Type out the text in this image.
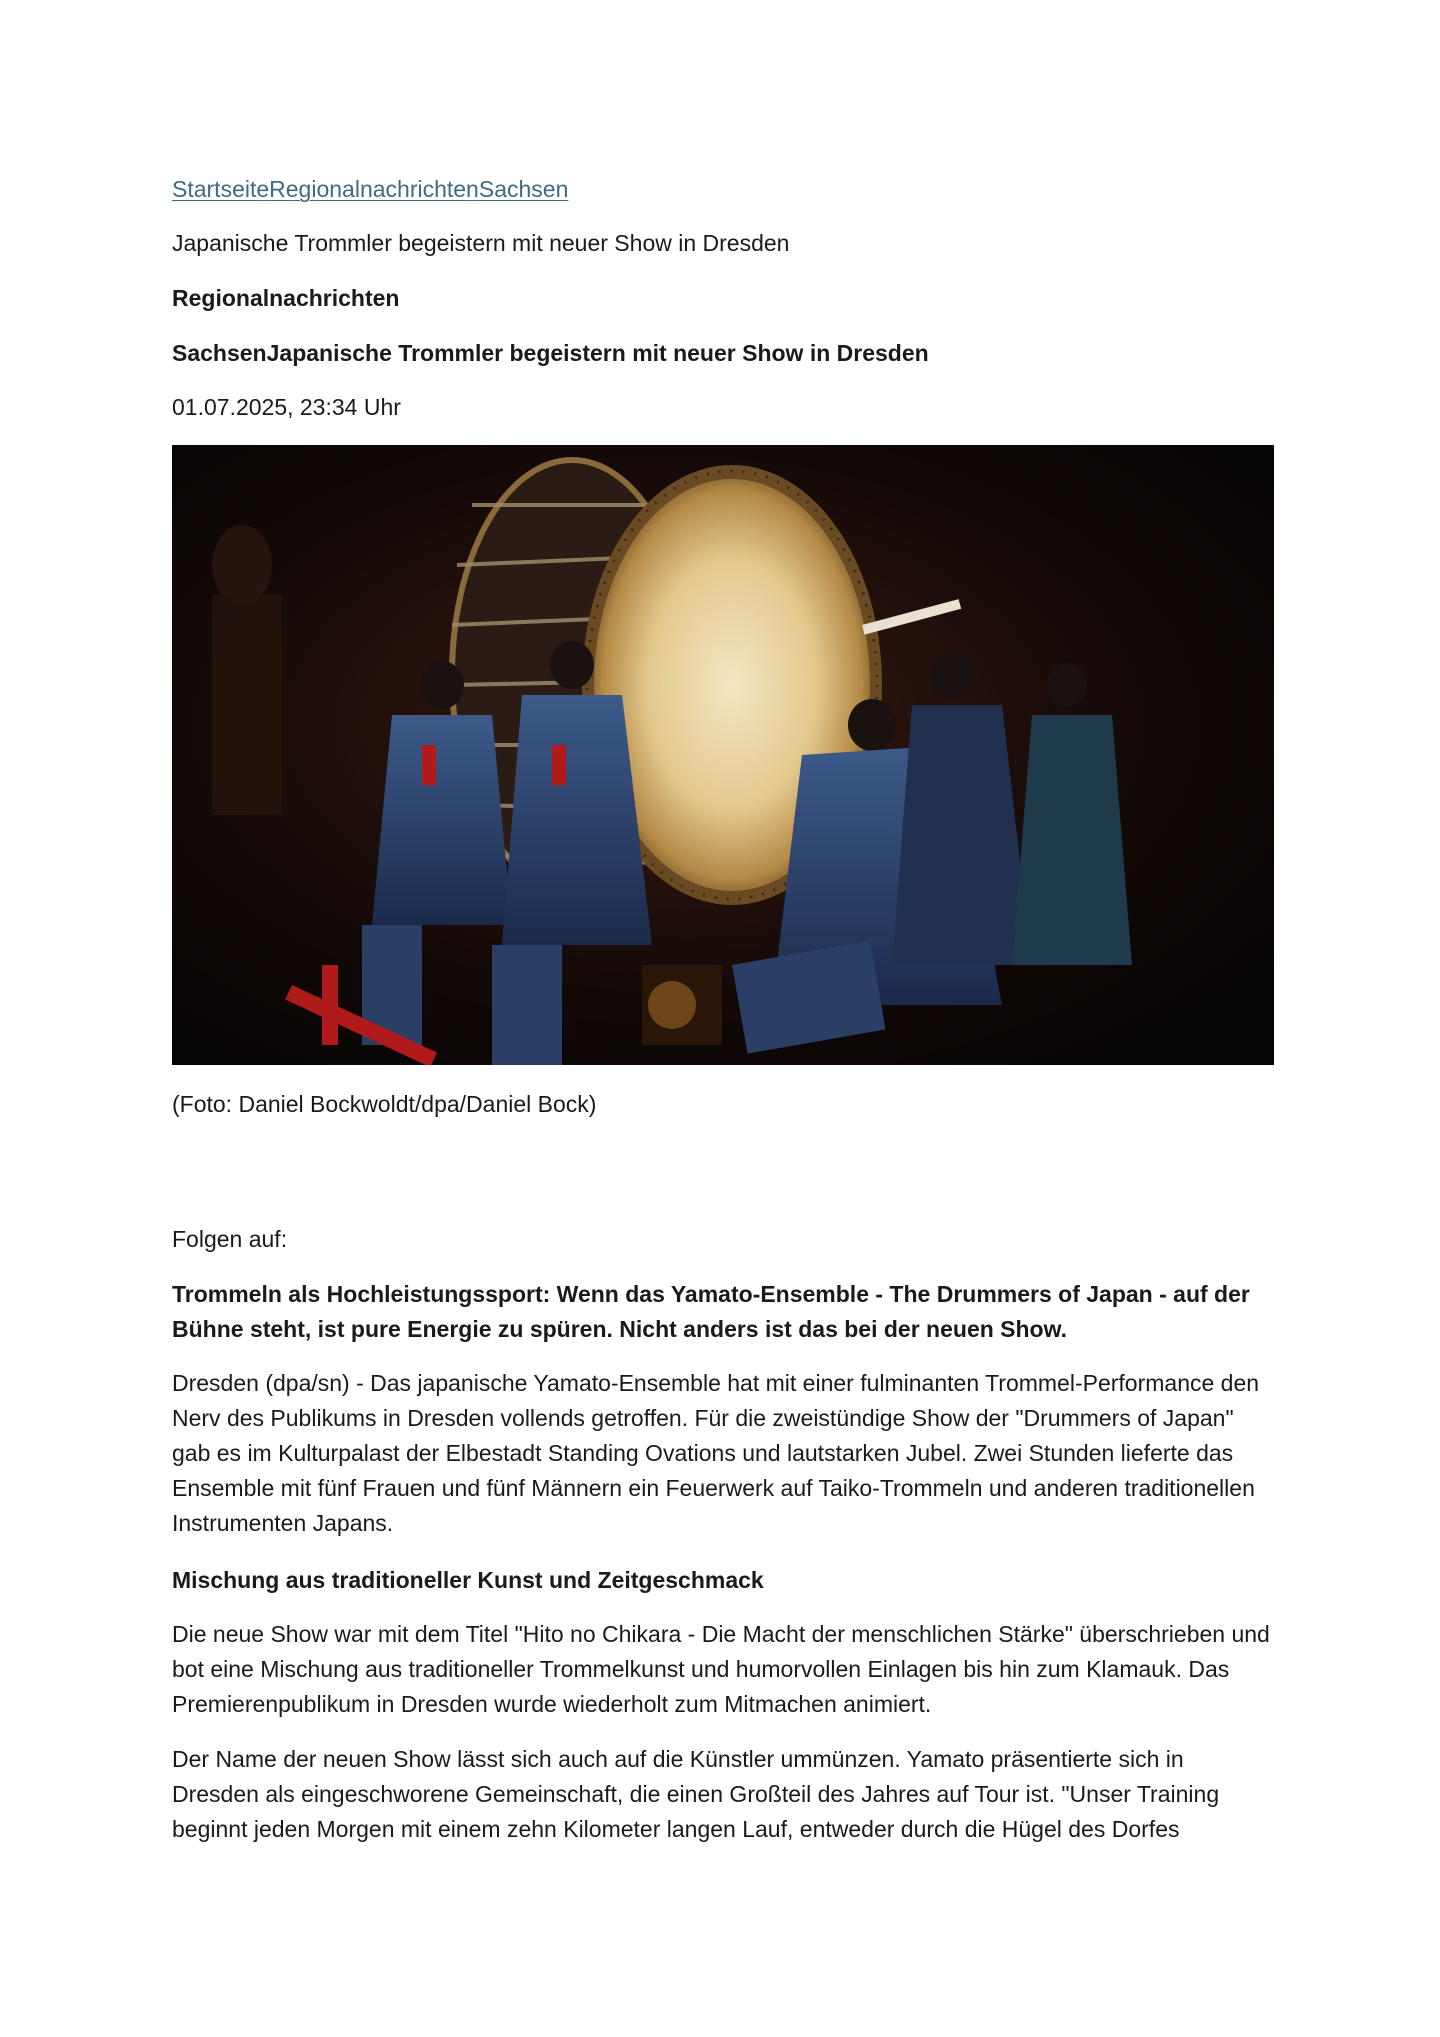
StartseiteRegionalnachrichtenSachsen

Japanische Trommler begeistern mit neuer Show in Dresden

Regionalnachrichten

SachsenJapanische Trommler begeistern mit neuer Show in Dresden

01.07.2025, 23:34 Uhr

(Foto: Daniel Bockwoldt/dpa/Daniel Bock)

Folgen auf:

Trommeln als Hochleistungssport: Wenn das Yamato-Ensemble - The Drummers of Japan - auf der Bühne steht, ist pure Energie zu spüren. Nicht anders ist das bei der neuen Show.

Dresden (dpa/sn) - Das japanische Yamato-Ensemble hat mit einer fulminanten Trommel-Performance den Nerv des Publikums in Dresden vollends getroffen. Für die zweistündige Show der "Drummers of Japan" gab es im Kulturpalast der Elbestadt Standing Ovations und lautstarken Jubel. Zwei Stunden lieferte das Ensemble mit fünf Frauen und fünf Männern ein Feuerwerk auf Taiko-Trommeln und anderen traditionellen Instrumenten Japans.

Mischung aus traditioneller Kunst und Zeitgeschmack

Die neue Show war mit dem Titel "Hito no Chikara - Die Macht der menschlichen Stärke" überschrieben und bot eine Mischung aus traditioneller Trommelkunst und humorvollen Einlagen bis hin zum Klamauk. Das Premierenpublikum in Dresden wurde wiederholt zum Mitmachen animiert.

Der Name der neuen Show lässt sich auch auf die Künstler ummünzen. Yamato präsentierte sich in Dresden als eingeschworene Gemeinschaft, die einen Großteil des Jahres auf Tour ist. "Unser Training beginnt jeden Morgen mit einem zehn Kilometer langen Lauf, entweder durch die Hügel des Dorfes
